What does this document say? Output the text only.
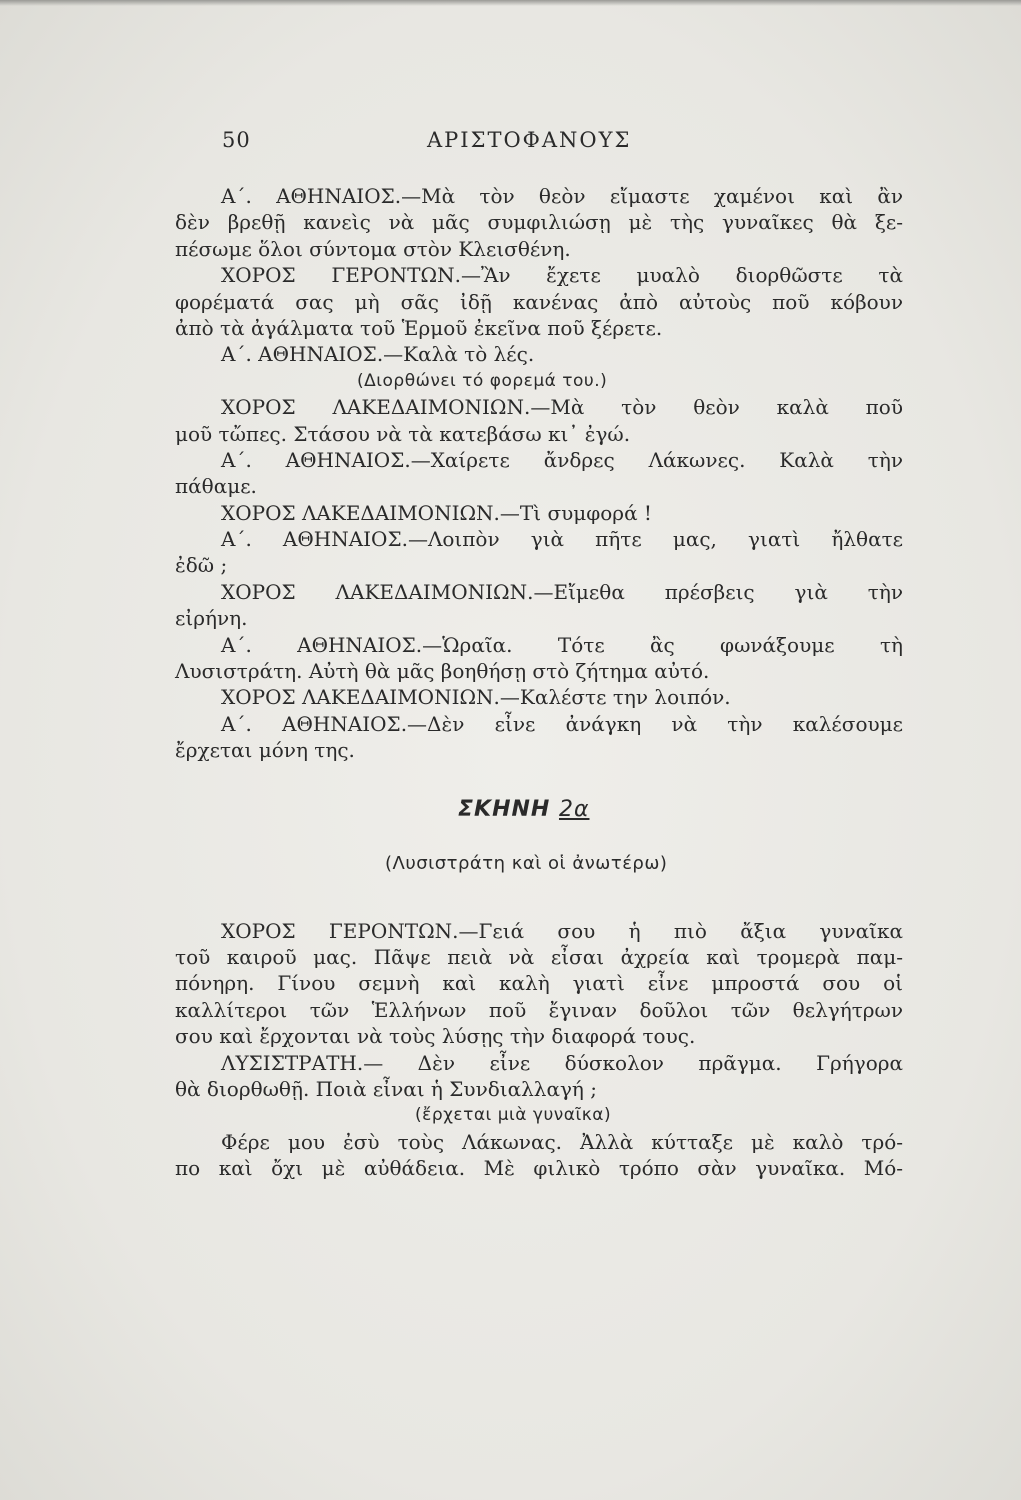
50	ΑΡΙΣΤΟΦΑΝΟΥΣ
Α΄. ΑΘΗΝΑΙΟΣ.—Μὰ τὸν θεὸν εἴμαστε χαμένοι καὶ ἂν
δὲν βρεθῇ κανεὶς νὰ μᾶς συμφιλιώσῃ μὲ τὴς γυναῖκες θὰ ξε-
πέσωμε ὅλοι σύντομα στὸν Κλεισθένη.
ΧΟΡΟΣ ΓΕΡΟΝΤΩΝ.—Ἂν ἔχετε μυαλὸ διορθῶστε τὰ
φορέματά σας μὴ σᾶς ἰδῇ κανένας ἀπὸ αὐτοὺς ποῦ κόβουν
ἀπὸ τὰ ἀγάλματα τοῦ Ἑρμοῦ ἐκεῖνα ποῦ ξέρετε.
Α΄. ΑΘΗΝΑΙΟΣ.—Καλὰ τὸ λές.
(Διορθώνει τό φορεμά του.)
ΧΟΡΟΣ ΛΑΚΕΔΑΙΜΟΝΙΩΝ.—Μὰ τὸν θεὸν καλὰ ποῦ
μοῦ τὤπες. Στάσου νὰ τὰ κατεβάσω κι᾿ ἐγώ.
Α΄. ΑΘΗΝΑΙΟΣ.—Χαίρετε ἄνδρες Λάκωνες. Καλὰ τὴν
πάθαμε.
ΧΟΡΟΣ ΛΑΚΕΔΑΙΜΟΝΙΩΝ.—Τὶ συμφορά !
Α΄. ΑΘΗΝΑΙΟΣ.—Λοιπὸν γιὰ πῆτε μας, γιατὶ ἤλθατε
ἐδῶ ;
ΧΟΡΟΣ ΛΑΚΕΔΑΙΜΟΝΙΩΝ.—Εἴμεθα πρέσβεις γιὰ τὴν
εἰρήνη.
Α΄. ΑΘΗΝΑΙΟΣ.—Ὡραῖα. Τότε ἂς φωνάξουμε τὴ
Λυσιστράτη. Αὐτὴ θὰ μᾶς βοηθήσῃ στὸ ζήτημα αὐτό.
ΧΟΡΟΣ ΛΑΚΕΔΑΙΜΟΝΙΩΝ.—Καλέστε την λοιπόν.
Α΄. ΑΘΗΝΑΙΟΣ.—Δὲν εἶνε ἀνάγκη νὰ τὴν καλέσουμε
ἔρχεται μόνη της.
ΣΚΗΝΗ 2α
(Λυσιστράτη καὶ οἱ ἀνωτέρω)
ΧΟΡΟΣ ΓΕΡΟΝΤΩΝ.—Γειά σου ἡ πιὸ ἄξια γυναῖκα
τοῦ καιροῦ μας. Πᾶψε πειὰ νὰ εἶσαι ἀχρεία καὶ τρομερὰ παμ-
πόνηρη. Γίνου σεμνὴ καὶ καλὴ γιατὶ εἶνε μπροστά σου οἱ
καλλίτεροι τῶν Ἑλλήνων ποῦ ἔγιναν δοῦλοι τῶν θελγήτρων
σου καὶ ἔρχονται νὰ τοὺς λύσῃς τὴν διαφορά τους.
ΛΥΣΙΣΤΡΑΤΗ.— Δὲν εἶνε δύσκολον πρᾶγμα. Γρήγορα
θὰ διορθωθῇ. Ποιὰ εἶναι ἡ Συνδιαλλαγή ;
(ἔρχεται μιὰ γυναῖκα)
Φέρε μου ἐσὺ τοὺς Λάκωνας. Ἀλλὰ κύτταξε μὲ καλὸ τρό-
πο καὶ ὄχι μὲ αὐθάδεια. Μὲ φιλικὸ τρόπο σὰν γυναῖκα. Μό-
